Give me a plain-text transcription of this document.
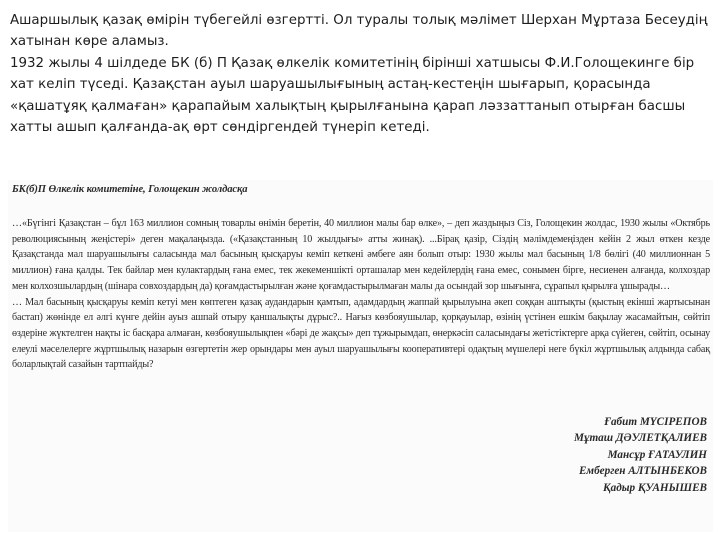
Ашаршылық қазақ өмірін түбегейлі өзгертті. Ол туралы толық мәлімет Шерхан Мұртаза Бесеудің хатынан көре аламыз.

1932 жылы 4 шілдеде БК (б) П Қазақ өлкелік комитетінің бірінші хатшысы Ф.И.Голощекинге бір хат келіп түседі. Қазақстан ауыл шаруашылығының астаң-кестеңін шығарып, қорасында «қашатұяқ қалмаған» қарапайым халықтың қырылғанына қарап ләззаттанып отырған басшы хатты ашып қалғанда-ақ өрт сөндіргендей түнеріп кетеді.

БК(б)П Өлкелік комитетіне, Голощекин жолдасқа

…«Бүгінгі Қазақстан – бұл 163 миллион сомның товарлы өнімін беретін, 40 миллион малы бар өлке», – деп жаздыңыз Сіз, Голощекин жолдас, 1930 жылы «Октябрь революциясының жеңістері» деген мақалаңызда. («Қазақстанның 10 жылдығы» атты жинақ). ...Бірақ қазір, Сіздің мәлімдемеңізден кейін 2 жыл өткен кезде Қазақстанда мал шаруашылығы саласында мал басының қысқаруы кеміп кеткені әмбеге аян болып отыр: 1930 жылы мал басының 1/8 бөлігі (40 миллионнан 5 миллион) ғана қалды. Тек байлар мен кулактардың ғана емес, тек жекеменшікті орташалар мен кедейлердің ғана емес, сонымен бірге, несиенен алғанда, колхоздар мен колхозшылардың (шінара совхоздардың да) қоғамдастырылған және қоғамдастырылмаған малы да осындай зор шығынға, сұрапыл қырылға ұшырады…

… Мал басының қысқаруы кеміп кетуі мен көптеген қазақ аудандарын қамтып, адамдардың жаппай қырылуына әкеп соққан аштықты (қыстың екінші жартысынан бастап) жөнінде ел әлгі күнге дейін ауыз ашпай отыру қаншалықты дұрыс?.. Нағыз көзбояушылар, қорқауылар, өзінің үстінен ешкім бақылау жасамайтын, сөйтіп өздеріне жүктелген нақты іс басқара алмаған, көзбояушылықпен «бәрі де жақсы» деп тұжырымдап, өнеркәсіп саласындағы жетістіктерге арқа сүйеген, сөйтіп, осынау елеулі мәселелерге жұртшылық назарын өзгертетін жер орындары мен ауыл шаруашылығы кооперативтері одақтың мүшелері неге бүкіл жұртшылық алдында сабақ боларлықтай сазайын тартпайды?

Ғабит МҮСІРЕПОВ
Мұташ ДӘУЛЕТҚАЛИЕВ
Мансұр ҒАТАУЛИН
Емберген АЛТЫНБЕКОВ
Қадыр ҚУАНЫШЕВ
